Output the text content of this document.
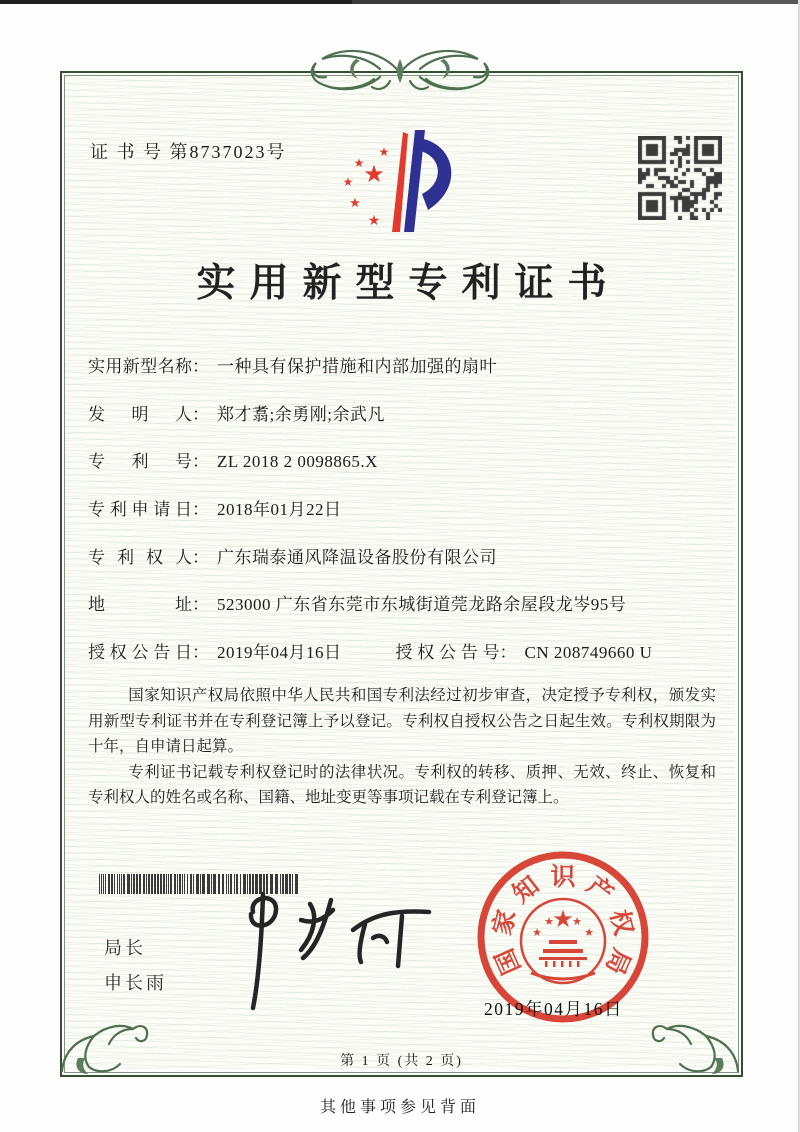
证 书 号 第8737023号
★
★
★
★
★
★
实用新型专利证书
实用新型名称： 一种具有保护措施和内部加强的扇叶
发明人： 郑才翥;余勇刚;余武凡
专利号： ZL 2018 2 0098865.X
专利申请日： 2018年01月22日
专利权人： 广东瑞泰通风降温设备股份有限公司
地址： 523000 广东省东莞市东城街道莞龙路余屋段龙岑95号
授权公告日： 2019年04月16日	授权公告号： CN 208749660 U

国家知识产权局依照中华人民共和国专利法经过初步审查，决定授予专利权，颁发实用新型专利证书并在专利登记簿上予以登记。专利权自授权公告之日起生效。专利权期限为十年，自申请日起算。

专利证书记载专利权登记时的法律状况。专利权的转移、质押、无效、终止、恢复和专利权人的姓名或名称、国籍、地址变更等事项记载在专利登记簿上。

局长
申长雨
国
家
知 识 产
权
局
★
★
★ ★
★
2019年04月16日
第 1 页 (共 2 页)
其他事项参见背面
